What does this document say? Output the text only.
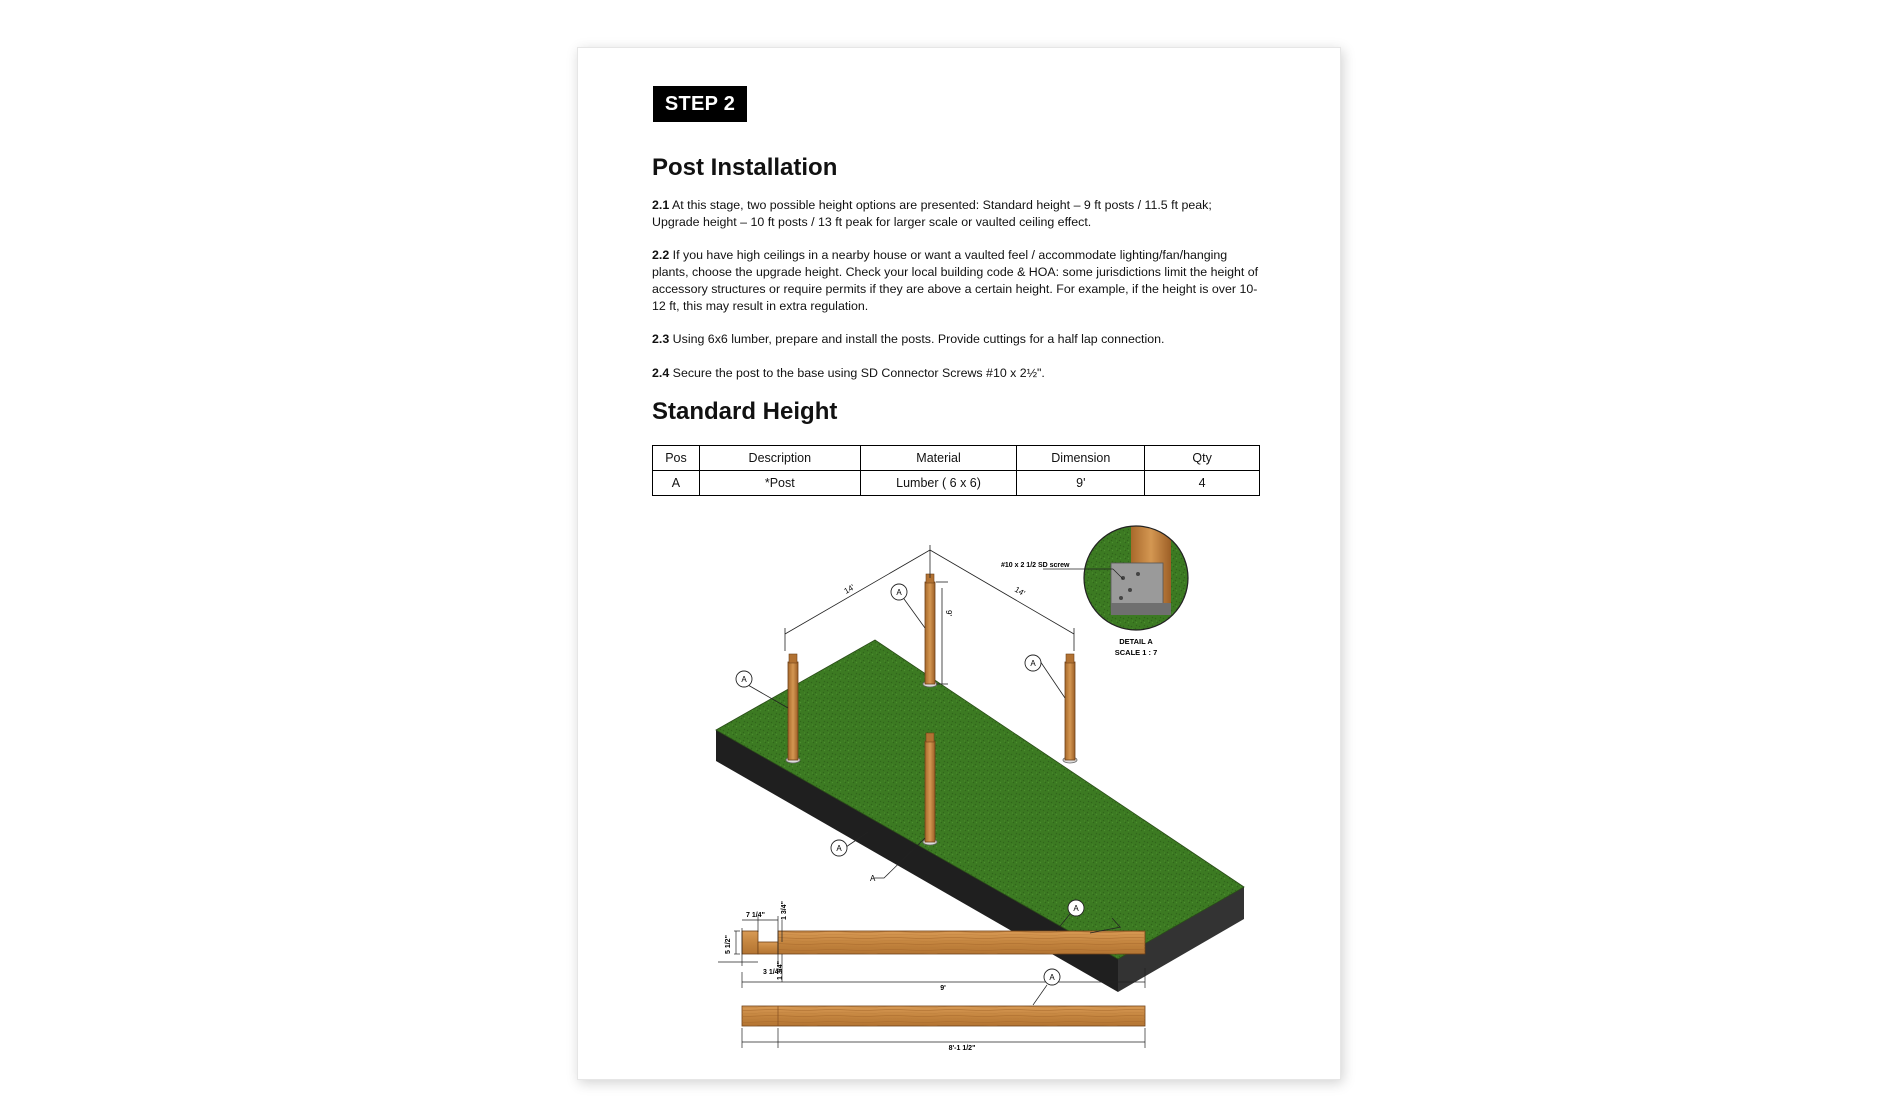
STEP 2
Post Installation

2.1 At this stage, two possible height options are presented: Standard height – 9 ft posts / 11.5 ft peak; Upgrade height – 10 ft posts / 13 ft peak for larger scale or vaulted ceiling effect.

2.2 If you have high ceilings in a nearby house or want a vaulted feel / accommodate lighting/fan/hanging plants, choose the upgrade height. Check your local building code & HOA: some jurisdictions limit the height of accessory structures or require permits if they are above a certain height. For example, if the height is over 10-12 ft, this may result in extra regulation.

2.3 Using 6x6 lumber, prepare and install the posts. Provide cuttings for a half lap connection.

2.4 Secure the post to the base using SD Connector Screws #10 x 2½".

Standard Height
Pos	Description	Material	Dimension	Qty
A	*Post	Lumber ( 6 x 6)	9'	4
14'	14'
9'
A
A
A
A
A
#10 x 2 1/2 SD screw
DETAIL A
SCALE 1 : 7
7 1/4" 1 3/4"
5 1/2"
3 1/4"
1 3/4"
9'
A
8'-1 1/2"
A
